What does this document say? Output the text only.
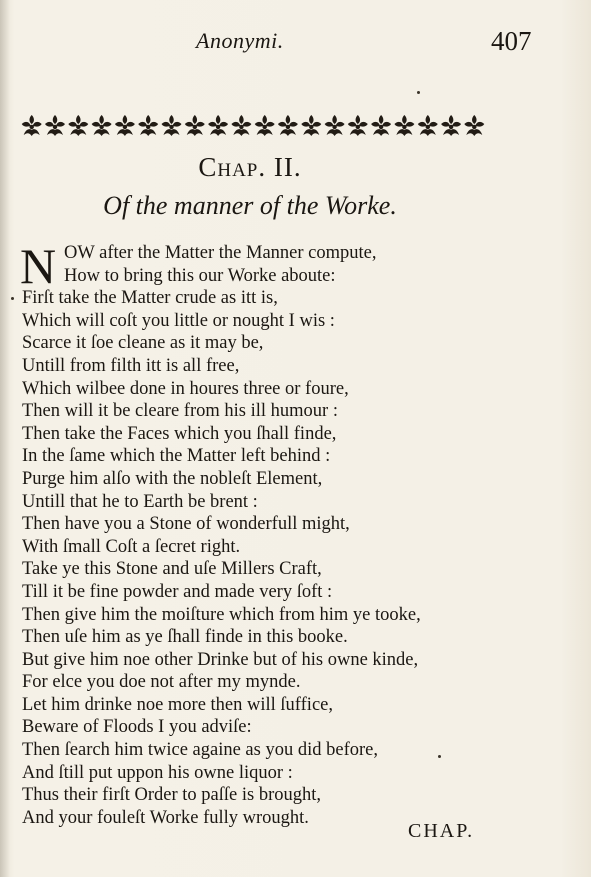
Anonymi.	407
Chap. II.
Of the manner of the Worke.
N OW after the Matter the Manner compute,
How to bring this our Worke aboute:
Firſt take the Matter crude as itt is,
Which will coſt you little or nought I wis :
Scarce it ſoe cleane as it may be,
Untill from filth itt is all free,
Which wilbee done in houres three or foure,
Then will it be cleare from his ill humour :
Then take the Faces which you ſhall finde,
In the ſame which the Matter left behind :
Purge him alſo with the nobleſt Element,
Untill that he to Earth be brent :
Then have you a Stone of wonderfull might,
With ſmall Coſt a ſecret right.
Take ye this Stone and uſe Millers Craft,
Till it be fine powder and made very ſoft :
Then give him the moiſture which from him ye tooke,
Then uſe him as ye ſhall finde in this booke.
But give him noe other Drinke but of his owne kinde,
For elce you doe not after my mynde.
Let him drinke noe more then will ſuffice,
Beware of Floods I you adviſe:
Then ſearch him twice againe as you did before,
And ſtill put uppon his owne liquor :
Thus their firſt Order to paſſe is brought,
And your fouleſt Worke fully wrought.
CHAP.
